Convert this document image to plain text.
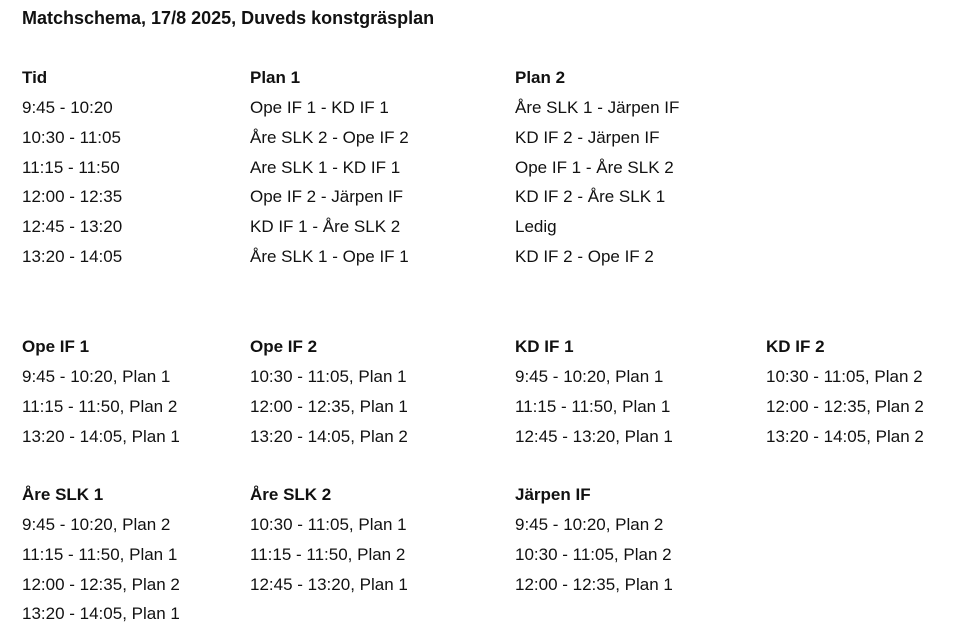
Matchschema, 17/8 2025, Duveds konstgräsplan
Tid
9:45 - 10:20
10:30 - 11:05
11:15 - 11:50
12:00 - 12:35
12:45 - 13:20
13:20 - 14:05
Plan 1
Ope IF 1 - KD IF 1
Åre SLK 2 - Ope IF 2
Are SLK 1 - KD IF 1
Ope IF 2 - Järpen IF
KD IF 1 - Åre SLK 2
Åre SLK 1 - Ope IF 1
Plan 2
Åre SLK 1 - Järpen IF
KD IF 2 - Järpen IF
Ope IF 1 - Åre SLK 2
KD IF 2 - Åre SLK 1
Ledig
KD IF 2 - Ope IF 2
Ope IF 1
9:45 - 10:20, Plan 1
11:15 - 11:50, Plan 2
13:20 - 14:05, Plan 1
Ope IF 2
10:30 - 11:05, Plan 1
12:00 - 12:35, Plan 1
13:20 - 14:05, Plan 2
KD IF 1
9:45 - 10:20, Plan 1
11:15 - 11:50, Plan 1
12:45 - 13:20, Plan 1
KD IF 2
10:30 - 11:05, Plan 2
12:00 - 12:35, Plan 2
13:20 - 14:05, Plan 2
Åre SLK 1
9:45 - 10:20, Plan 2
11:15 - 11:50, Plan 1
12:00 - 12:35, Plan 2
13:20 - 14:05, Plan 1
Åre SLK 2
10:30 - 11:05, Plan 1
11:15 - 11:50, Plan 2
12:45 - 13:20, Plan 1
Järpen IF
9:45 - 10:20, Plan 2
10:30 - 11:05, Plan 2
12:00 - 12:35, Plan 1
